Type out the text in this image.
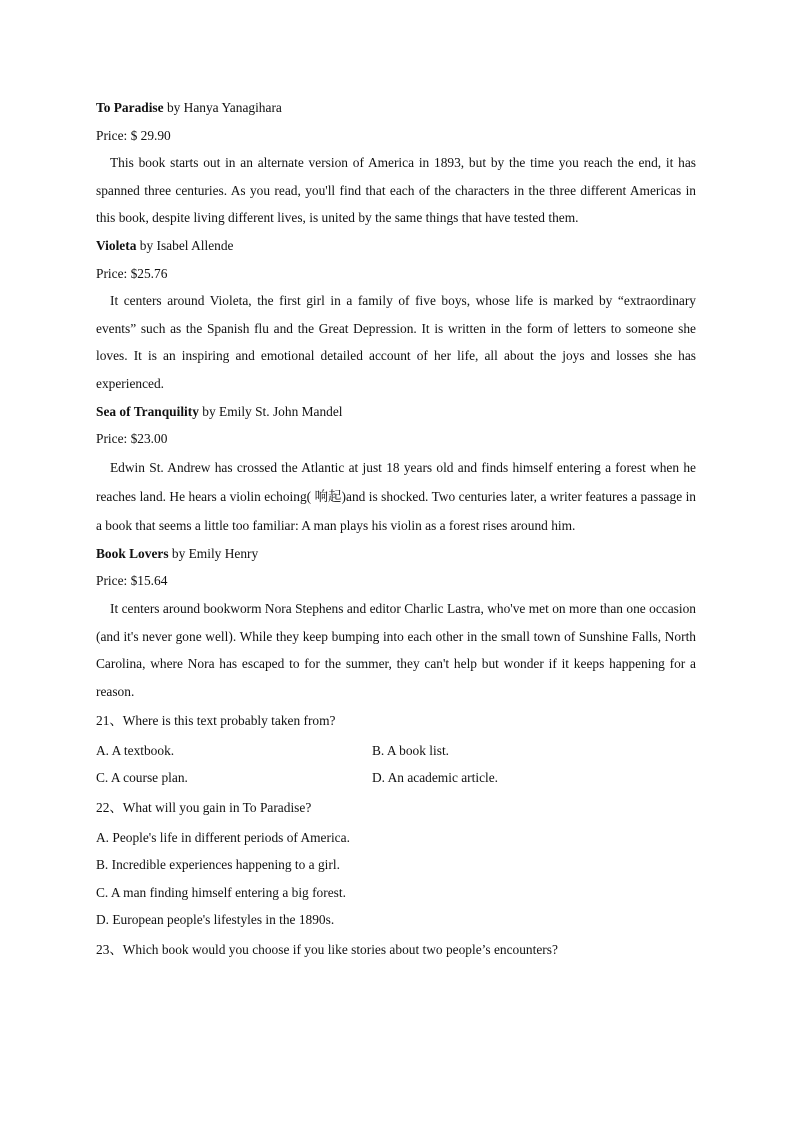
To Paradise by Hanya Yanagihara

Price: $ 29.90

This book starts out in an alternate version of America in 1893, but by the time you reach the end, it has spanned three centuries. As you read, you'll find that each of the characters in the three different Americas in this book, despite living different lives, is united by the same things that have tested them.

Violeta by Isabel Allende

Price: $25.76

It centers around Violeta, the first girl in a family of five boys, whose life is marked by “extraordinary events” such as the Spanish flu and the Great Depression. It is written in the form of letters to someone she loves. It is an inspiring and emotional detailed account of her life, all about the joys and losses she has experienced.

Sea of Tranquility by Emily St. John Mandel

Price: $23.00

Edwin St. Andrew has crossed the Atlantic at just 18 years old and finds himself entering a forest when he reaches land. He hears a violin echoing( 响起)and is shocked. Two centuries later, a writer features a passage in a book that seems a little too familiar: A man plays his violin as a forest rises around him.

Book Lovers by Emily Henry

Price: $15.64

It centers around bookworm Nora Stephens and editor Charlic Lastra, who've met on more than one occasion (and it's never gone well). While they keep bumping into each other in the small town of Sunshine Falls, North Carolina, where Nora has escaped to for the summer, they can't help but wonder if it keeps happening for a reason.

21、Where is this text probably taken from?

A. A textbook.	B. A book list.
C. A course plan.	D. An academic article.

22、What will you gain in To Paradise?

A. People's life in different periods of America.

B. Incredible experiences happening to a girl.

C. A man finding himself entering a big forest.

D. European people's lifestyles in the 1890s.

23、Which book would you choose if you like stories about two people’s encounters?
